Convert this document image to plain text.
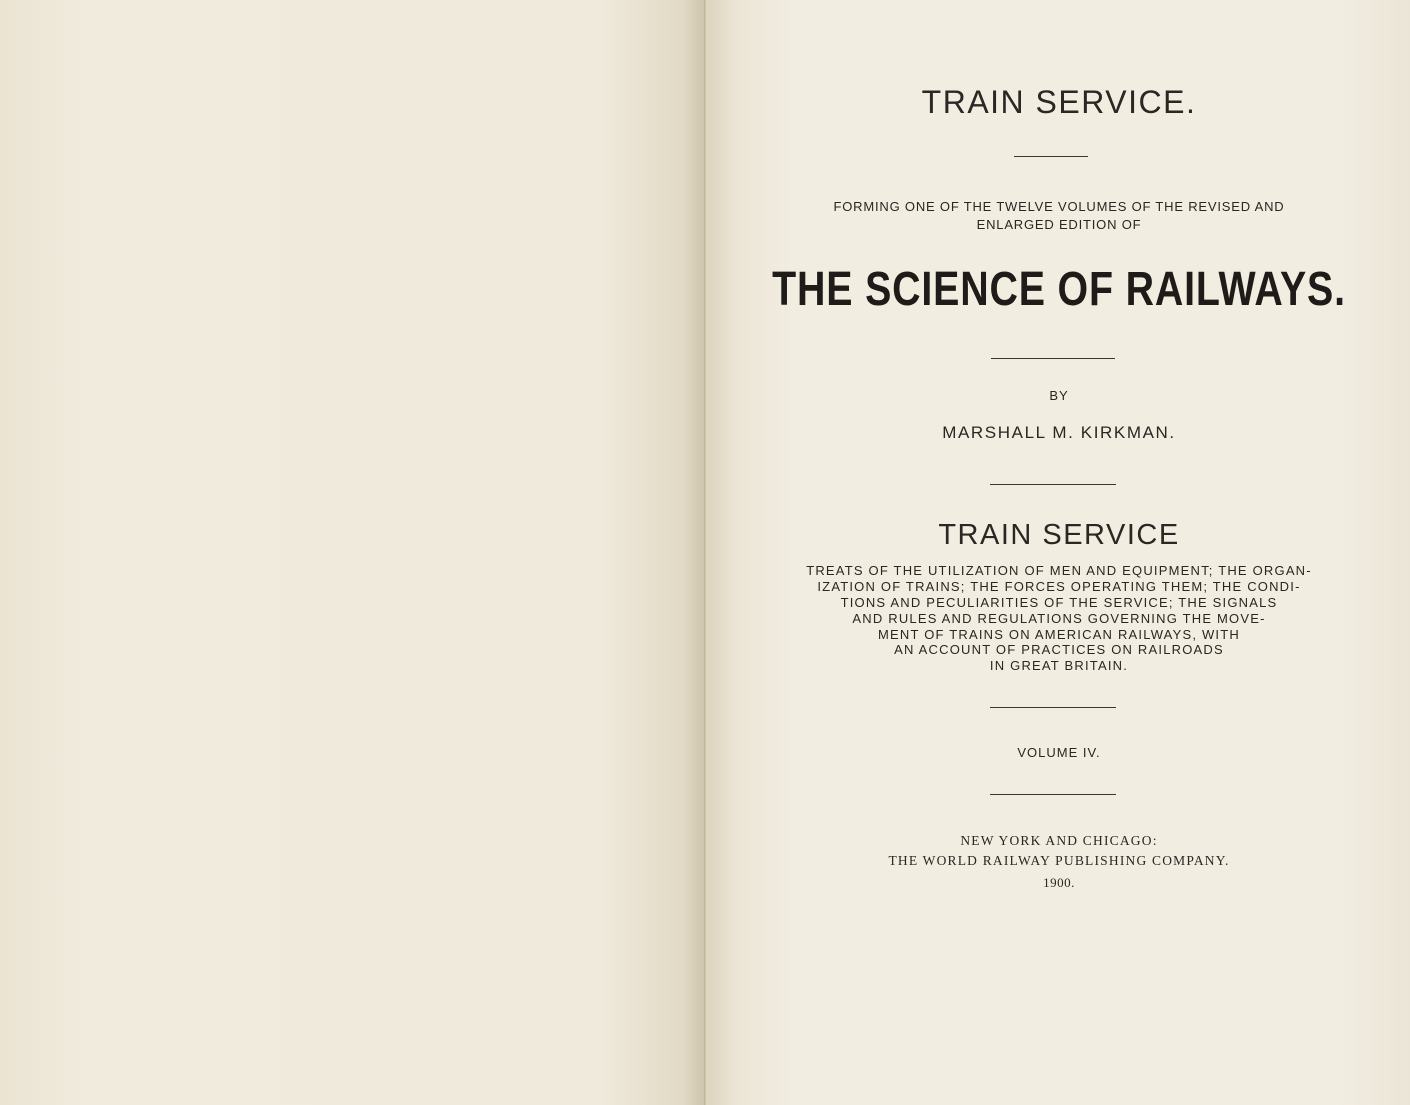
TRAIN SERVICE.

FORMING ONE OF THE TWELVE VOLUMES OF THE REVISED AND

ENLARGED EDITION OF

THE SCIENCE OF RAILWAYS.

BY

MARSHALL M. KIRKMAN.

TRAIN SERVICE

TREATS OF THE UTILIZATION OF MEN AND EQUIPMENT; THE ORGAN-

IZATION OF TRAINS; THE FORCES OPERATING THEM; THE CONDI-

TIONS AND PECULIARITIES OF THE SERVICE; THE SIGNALS

AND RULES AND REGULATIONS GOVERNING THE MOVE-

MENT OF TRAINS ON AMERICAN RAILWAYS, WITH

AN ACCOUNT OF PRACTICES ON RAILROADS

IN GREAT BRITAIN.

VOLUME IV.

NEW YORK AND CHICAGO:

THE WORLD RAILWAY PUBLISHING COMPANY.

1900.
